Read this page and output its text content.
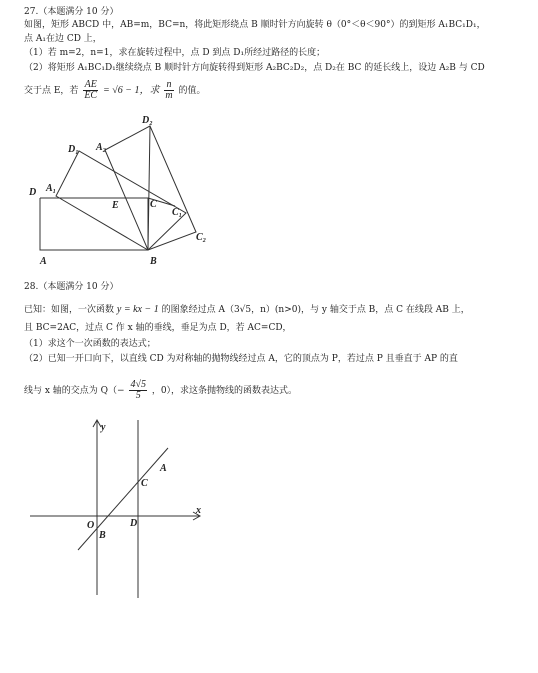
27.（本题满分 10 分）
如图，矩形 ABCD 中，AB=m，BC=n，将此矩形绕点 B 顺时针方向旋转 θ（0°＜θ＜90°）的到矩形 A₁BC₁D₁，
点 A₁在边 CD 上，
（1）若 m=2，n=1，求在旋转过程中，点 D 到点 D₁所经过路径的长度；
（2）将矩形 A₁BC₁D₁继续绕点 B 顺时针方向旋转得到矩形 A₂BC₂D₂，点 D₂在 BC 的延长线上，设边 A₂B 与 CD
交于点 E，若 $\frac{AE}{EC} = √6 - 1$，求 $\frac{n}{m}$ 的值。
D₂
D₁ A₂
D A₁
E	C
C₁
C₂
A	B
28.（本题满分 10 分）
已知：如图，一次函数 y = kx − 1 的图象经过点 A（3√5，n）(n>0)，与 y 轴交于点 B，点 C 在线段 AB 上，
且 BC=2AC，过点 C 作 x 轴的垂线，垂足为点 D，若 AC=CD，
（1）求这个一次函数的表达式；
（2）已知一开口向下，以直线 CD 为对称轴的抛物线经过点 A，它的顶点为 P，若过点 P 且垂直于 AP 的直
线与 x 轴的交点为 $Q(- \frac{4√5}{5}$ ，0），求这条抛物线的函数表达式。
y
x
O
A
C
B
D
